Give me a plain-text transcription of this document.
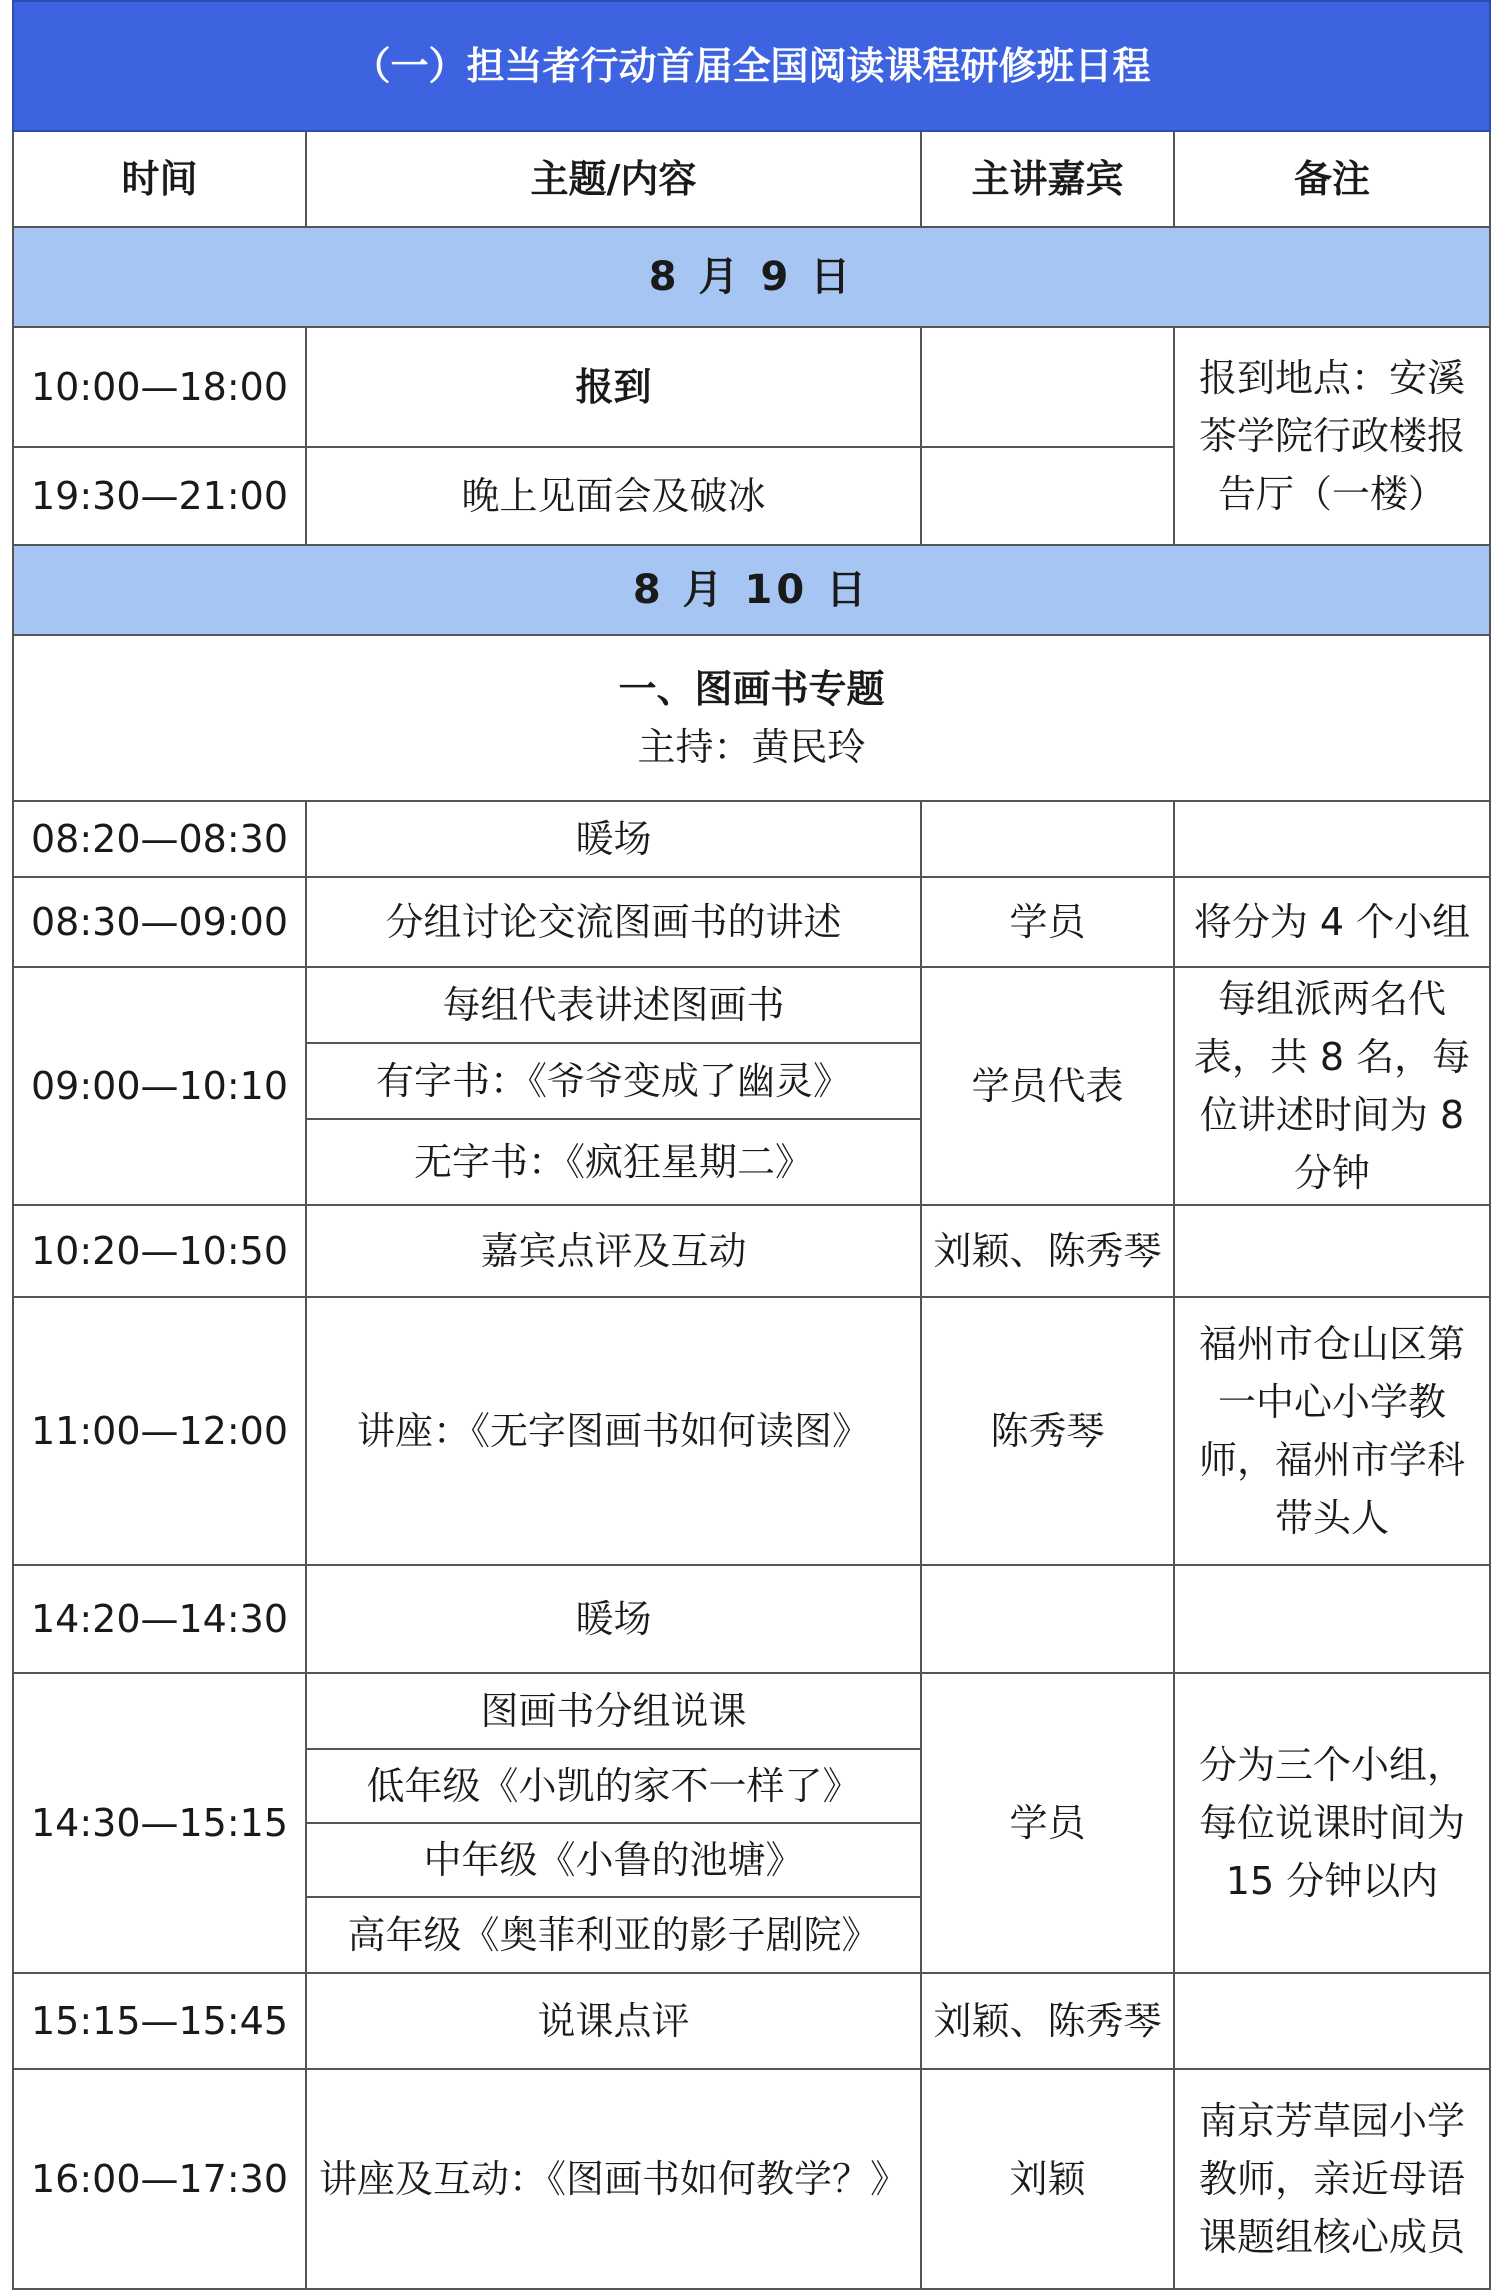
（一）担当者行动首届全国阅读课程研修班日程			
时间	主题/内容	主讲嘉宾	备注
8 月 9 日			
10:00—18:00	报到		报到地点：安溪茶学院行政楼报告厅（一楼）
19:30—21:00	晚上见面会及破冰		
8 月 10 日			

一、图画书专题
主持：黄民玲			

08:20—08:30	暖场		
08:30—09:00	分组讨论交流图画书的讲述	学员	将分为 4 个小组
09:00—10:10	每组代表讲述图画书	学员代表	每组派两名代表，共 8 名，每位讲述时间为 8 分钟
	有字书：《爷爷变成了幽灵》		
	无字书：《疯狂星期二》		
10:20—10:50	嘉宾点评及互动	刘颖、陈秀琴	
11:00—12:00	讲座：《无字图画书如何读图》	陈秀琴	福州市仓山区第一中心小学教师，福州市学科带头人
14:20—14:30	暖场		
14:30—15:15	图画书分组说课	学员	分为三个小组，每位说课时间为 15 分钟以内
	低年级《小凯的家不一样了》		
	中年级《小鲁的池塘》		
	高年级《奥菲利亚的影子剧院》		
15:15—15:45	说课点评	刘颖、陈秀琴	
16:00—17:30	讲座及互动：《图画书如何教学？》	刘颖	南京芳草园小学教师，亲近母语课题组核心成员
